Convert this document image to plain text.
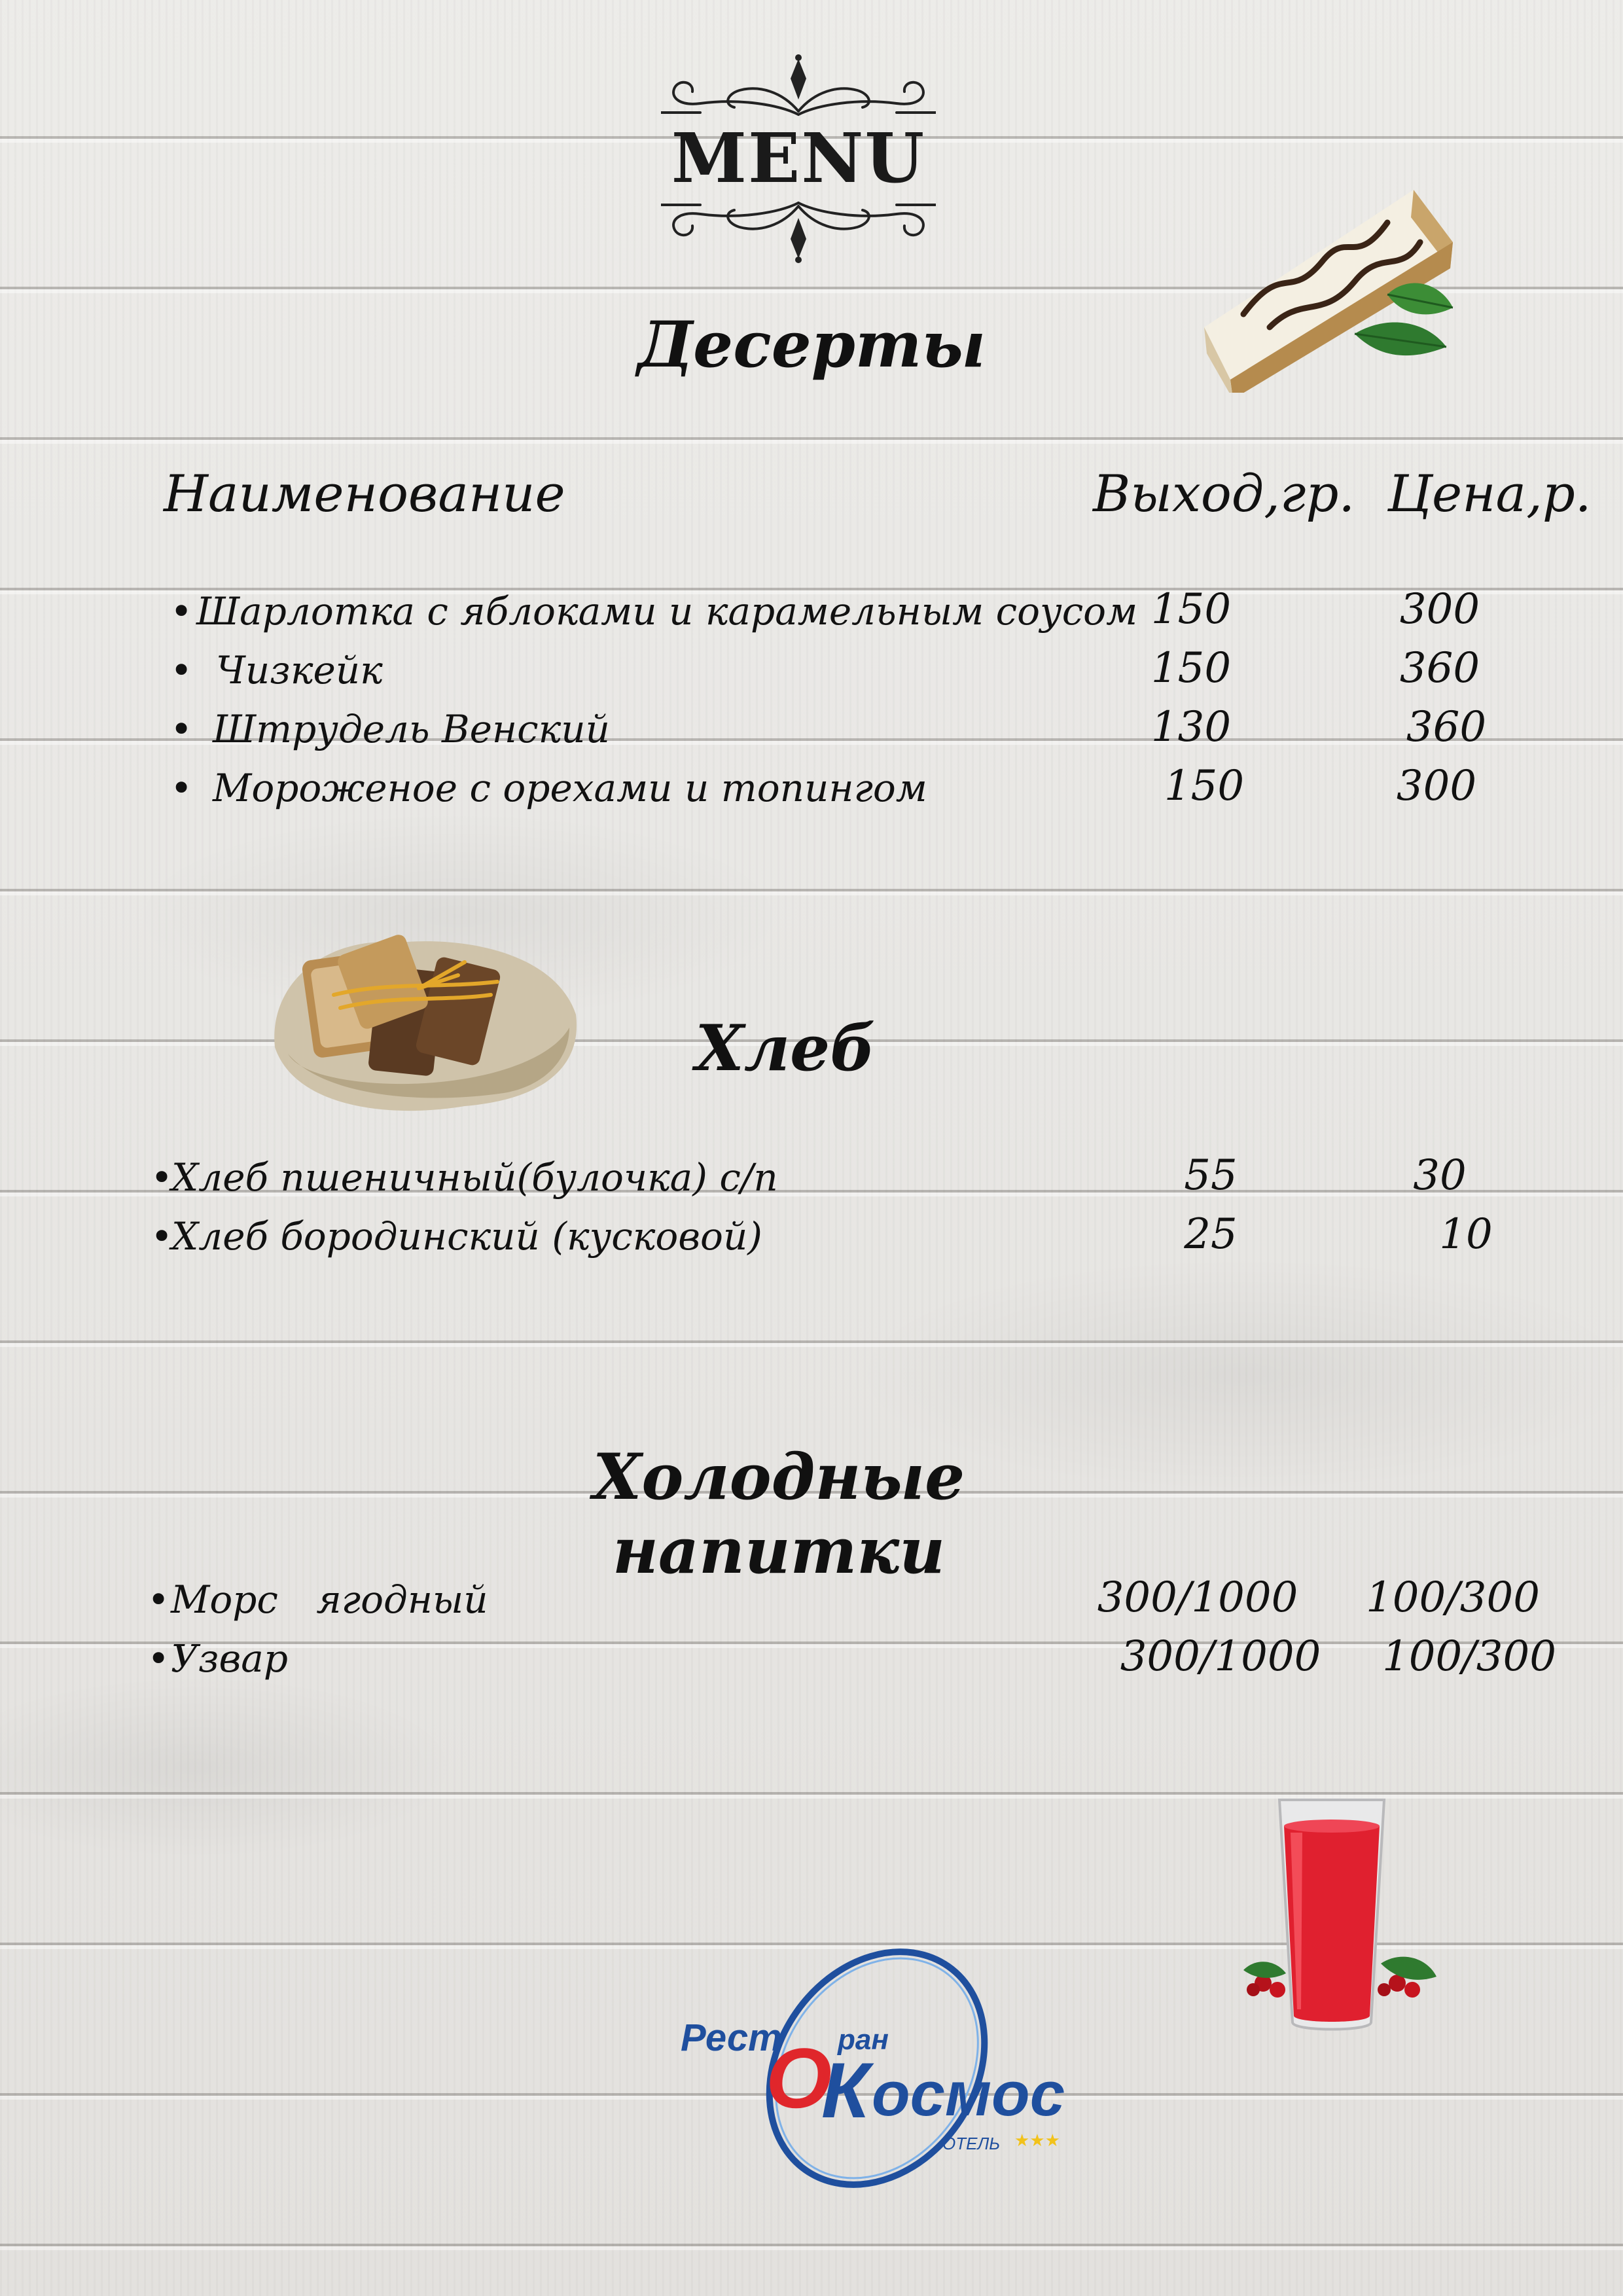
MENU
Десерты
Наименование	Выход,гр. Цена,р.
• Шарлотка с яблоками и карамельным соусом 150	300
• Чизкейк	150	360
• Штрудель Венский	130	360
• Мороженое с орехами и топингом	150	300
Хлеб
•
Хлеб пшеничный(булочка) с/п	55	30
•
Хлеб бородинский (кусковой)	25	10
Холодные напитки
• Морс ягодный	300/1000	100/300
• Узвар	300/1000	100/300
Рест ран
О
К осмос
ОТЕЛЬ ★★★
